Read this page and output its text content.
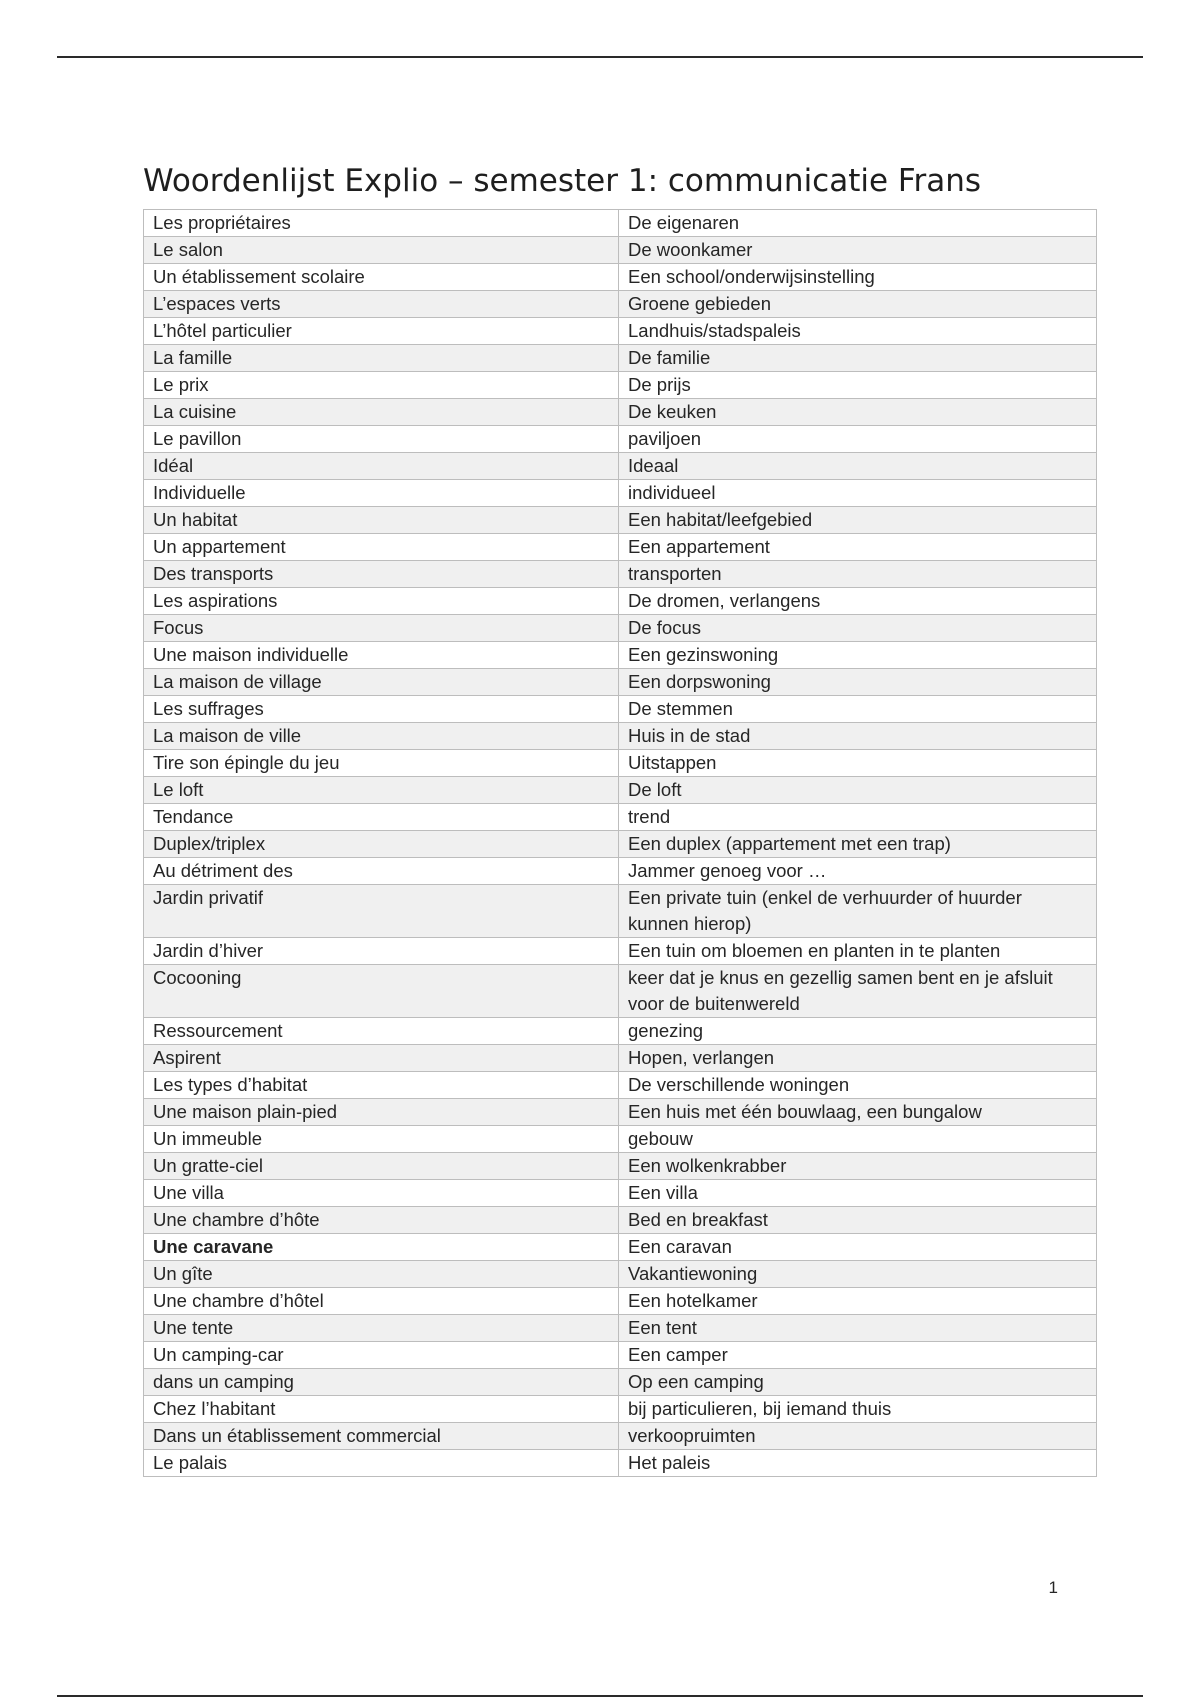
Woordenlijst Explio – semester 1: communicatie Frans
Les propriétaires	De eigenaren
Le salon	De woonkamer
Un établissement scolaire	Een school/onderwijsinstelling
L’espaces verts	Groene gebieden
L’hôtel particulier	Landhuis/stadspaleis
La famille	De familie
Le prix	De prijs
La cuisine	De keuken
Le pavillon	paviljoen
Idéal	Ideaal
Individuelle	individueel
Un habitat	Een habitat/leefgebied
Un appartement	Een appartement
Des transports	transporten
Les aspirations	De dromen, verlangens
Focus	De focus
Une maison individuelle	Een gezinswoning
La maison de village	Een dorpswoning
Les suffrages	De stemmen
La maison de ville	Huis in de stad
Tire son épingle du jeu	Uitstappen
Le loft	De loft
Tendance	trend
Duplex/triplex	Een duplex (appartement met een trap)
Au détriment des	Jammer genoeg voor …
Jardin privatif	Een private tuin (enkel de verhuurder of huurder kunnen hierop)
Jardin d’hiver	Een tuin om bloemen en planten in te planten
Cocooning	keer dat je knus en gezellig samen bent en je afsluit voor de buitenwereld
Ressourcement	genezing
Aspirent	Hopen, verlangen
Les types d’habitat	De verschillende woningen
Une maison plain-pied	Een huis met één bouwlaag, een bungalow
Un immeuble	gebouw
Un gratte-ciel	Een wolkenkrabber
Une villa	Een villa
Une chambre d’hôte	Bed en breakfast
Une caravane	Een caravan
Un gîte	Vakantiewoning
Une chambre d’hôtel	Een hotelkamer
Une tente	Een tent
Un camping-car	Een camper
dans un camping	Op een camping
Chez l’habitant	bij particulieren, bij iemand thuis
Dans un établissement commercial	verkoopruimten
Le palais	Het paleis
1
